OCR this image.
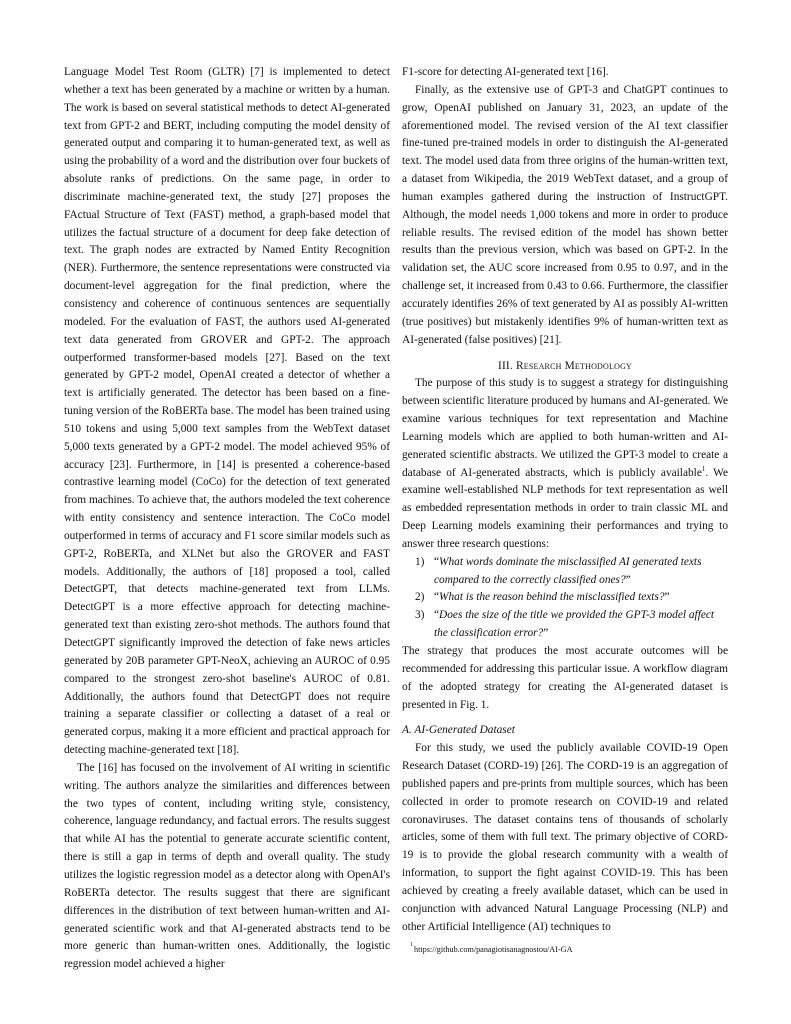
Language Model Test Room (GLTR) [7] is implemented to detect whether a text has been generated by a machine or written by a human. The work is based on several statistical methods to detect AI-generated text from GPT-2 and BERT, including computing the model density of generated output and comparing it to human-generated text, as well as using the probability of a word and the distribution over four buckets of absolute ranks of predictions. On the same page, in order to discriminate machine-generated text, the study [27] proposes the FActual Structure of Text (FAST) method, a graph-based model that utilizes the factual structure of a document for deep fake detection of text. The graph nodes are extracted by Named Entity Recognition (NER). Furthermore, the sentence representations were constructed via document-level aggregation for the final prediction, where the consistency and coherence of continuous sentences are sequentially modeled. For the evaluation of FAST, the authors used AI-generated text data generated from GROVER and GPT-2. The approach outperformed transformer-based models [27]. Based on the text generated by GPT-2 model, OpenAI created a detector of whether a text is artificially generated. The detector has been based on a fine-tuning version of the RoBERTa base. The model has been trained using 510 tokens and using 5,000 text samples from the WebText dataset 5,000 texts generated by a GPT-2 model. The model achieved 95% of accuracy [23]. Furthermore, in [14] is presented a coherence-based contrastive learning model (CoCo) for the detection of text generated from machines. To achieve that, the authors modeled the text coherence with entity consistency and sentence interaction. The CoCo model outperformed in terms of accuracy and F1 score similar models such as GPT-2, RoBERTa, and XLNet but also the GROVER and FAST models. Additionally, the authors of [18] proposed a tool, called DetectGPT, that detects machine-generated text from LLMs. DetectGPT is a more effective approach for detecting machine-generated text than existing zero-shot methods. The authors found that DetectGPT significantly improved the detection of fake news articles generated by 20B parameter GPT-NeoX, achieving an AUROC of 0.95 compared to the strongest zero-shot baseline's AUROC of 0.81. Additionally, the authors found that DetectGPT does not require training a separate classifier or collecting a dataset of a real or generated corpus, making it a more efficient and practical approach for detecting machine-generated text [18].

The [16] has focused on the involvement of AI writing in scientific writing. The authors analyze the similarities and differences between the two types of content, including writing style, consistency, coherence, language redundancy, and factual errors. The results suggest that while AI has the potential to generate accurate scientific content, there is still a gap in terms of depth and overall quality. The study utilizes the logistic regression model as a detector along with OpenAI's RoBERTa detector. The results suggest that there are significant differences in the distribution of text between human-written and AI-generated scientific work and that AI-generated abstracts tend to be more generic than human-written ones. Additionally, the logistic regression model achieved a higher

F1-score for detecting AI-generated text [16].

Finally, as the extensive use of GPT-3 and ChatGPT continues to grow, OpenAI published on January 31, 2023, an update of the aforementioned model. The revised version of the AI text classifier fine-tuned pre-trained models in order to distinguish the AI-generated text. The model used data from three origins of the human-written text, a dataset from Wikipedia, the 2019 WebText dataset, and a group of human examples gathered during the instruction of InstructGPT. Although, the model needs 1,000 tokens and more in order to produce reliable results. The revised edition of the model has shown better results than the previous version, which was based on GPT-2. In the validation set, the AUC score increased from 0.95 to 0.97, and in the challenge set, it increased from 0.43 to 0.66. Furthermore, the classifier accurately identifies 26% of text generated by AI as possibly AI-written (true positives) but mistakenly identifies 9% of human-written text as AI-generated (false positives) [21].

III. Research Methodology

The purpose of this study is to suggest a strategy for distinguishing between scientific literature produced by humans and AI-generated. We examine various techniques for text representation and Machine Learning models which are applied to both human-written and AI-generated scientific abstracts. We utilized the GPT-3 model to create a database of AI-generated abstracts, which is publicly available$^1$. We examine well-established NLP methods for text representation as well as embedded representation methods in order to train classic ML and Deep Learning models examining their performances and trying to answer three research questions:

1) “What words dominate the misclassified AI generated texts compared to the correctly classified ones?”
2) “What is the reason behind the misclassified texts?”
3) “Does the size of the title we provided the GPT-3 model affect the classification error?”

The strategy that produces the most accurate outcomes will be recommended for addressing this particular issue. A workflow diagram of the adopted strategy for creating the AI-generated dataset is presented in Fig. 1.

A. AI-Generated Dataset

For this study, we used the publicly available COVID-19 Open Research Dataset (CORD-19) [26]. The CORD-19 is an aggregation of published papers and pre-prints from multiple sources, which has been collected in order to promote research on COVID-19 and related coronaviruses. The dataset contains tens of thousands of scholarly articles, some of them with full text. The primary objective of CORD-19 is to provide the global research community with a wealth of information, to support the fight against COVID-19. This has been achieved by creating a freely available dataset, which can be used in conjunction with advanced Natural Language Processing (NLP) and other Artificial Intelligence (AI) techniques to

1 https://github.com/panagiotisanagnostou/AI-GA
